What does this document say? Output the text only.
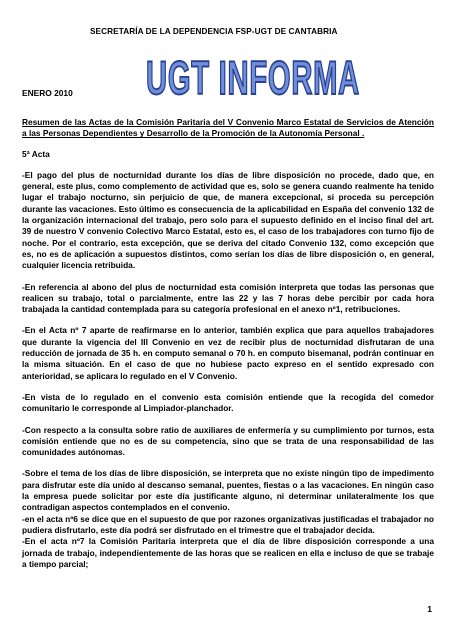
SECRETARÍA DE LA DEPENDENCIA FSP-UGT DE CANTABRIA
UGT INFORMA
ENERO 2010
Resumen de las Actas de la Comisión Paritaria del V Convenio Marco Estatal de Servicios de Atención a las Personas Dependientes y Desarrollo de la Promoción de la Autonomía Personal .
5ª Acta
-El pago del plus de nocturnidad durante los días de libre disposición no procede, dado que, en general, este plus, como complemento de actividad que es, solo se genera cuando realmente ha tenido lugar el trabajo nocturno, sin perjuicio de que, de manera excepcional, si proceda su percepción durante las vacaciones. Esto último es consecuencia de la aplicabilidad en España del convenio 132 de la organización internacional del trabajo, pero solo para el supuesto definido en el inciso final del art. 39 de nuestro V convenio Colectivo Marco Estatal, esto es, el caso de los trabajadores con turno fijo de noche. Por el contrario, esta excepción, que se deriva del citado Convenio 132, como excepción que es, no es de aplicación a supuestos distintos, como serían los días de libre disposición o, en general, cualquier licencia retribuida.
-En referencia al abono del plus de nocturnidad esta comisión interpreta que todas las personas que realicen su trabajo, total o parcialmente, entre las 22 y las 7 horas debe percibir por cada hora trabajada la cantidad contemplada para su categoría profesional en el anexo nº1, retribuciones.
-En el Acta nº 7 aparte de reafirmarse en lo anterior, también explica que para aquellos trabajadores que durante la vigencia del III Convenio en vez de recibir plus de nocturnidad disfrutaran de una reducción de jornada de 35 h. en computo semanal o 70 h. en computo bisemanal, podrán continuar en la misma situación. En el caso de que no hubiese pacto expreso en el sentido expresado con anterioridad, se aplicara lo regulado en el V Convenio.
-En vista de lo regulado en el convenio esta comisión entiende que la recogida del comedor comunitario le corresponde al Limpiador-planchador.
-Con respecto a la consulta sobre ratio de auxiliares de enfermería y su cumplimiento por turnos, esta comisión entiende que no es de su competencia, sino que se trata de una responsabilidad de las comunidades autónomas.
-Sobre el tema de los días de libre disposición, se interpreta que no existe ningún tipo de impedimento para disfrutar este día unido al descanso semanal, puentes, fiestas o a las vacaciones. En ningún caso la empresa puede solicitar por este día justificante alguno, ni determinar unilateralmente los que contradigan aspectos contemplados en el convenio.
-en el acta nº6 se dice que en el supuesto de que por razones organizativas justificadas el trabajador no pudiera disfrutarlo, este día podrá ser disfrutado en el trimestre que el trabajador decida.
-En el acta nº7 la Comisión Paritaria interpreta que el día de libre disposición corresponde a una jornada de trabajo, independientemente de las horas que se realicen en ella e incluso de que se trabaje a tiempo parcial;
1
